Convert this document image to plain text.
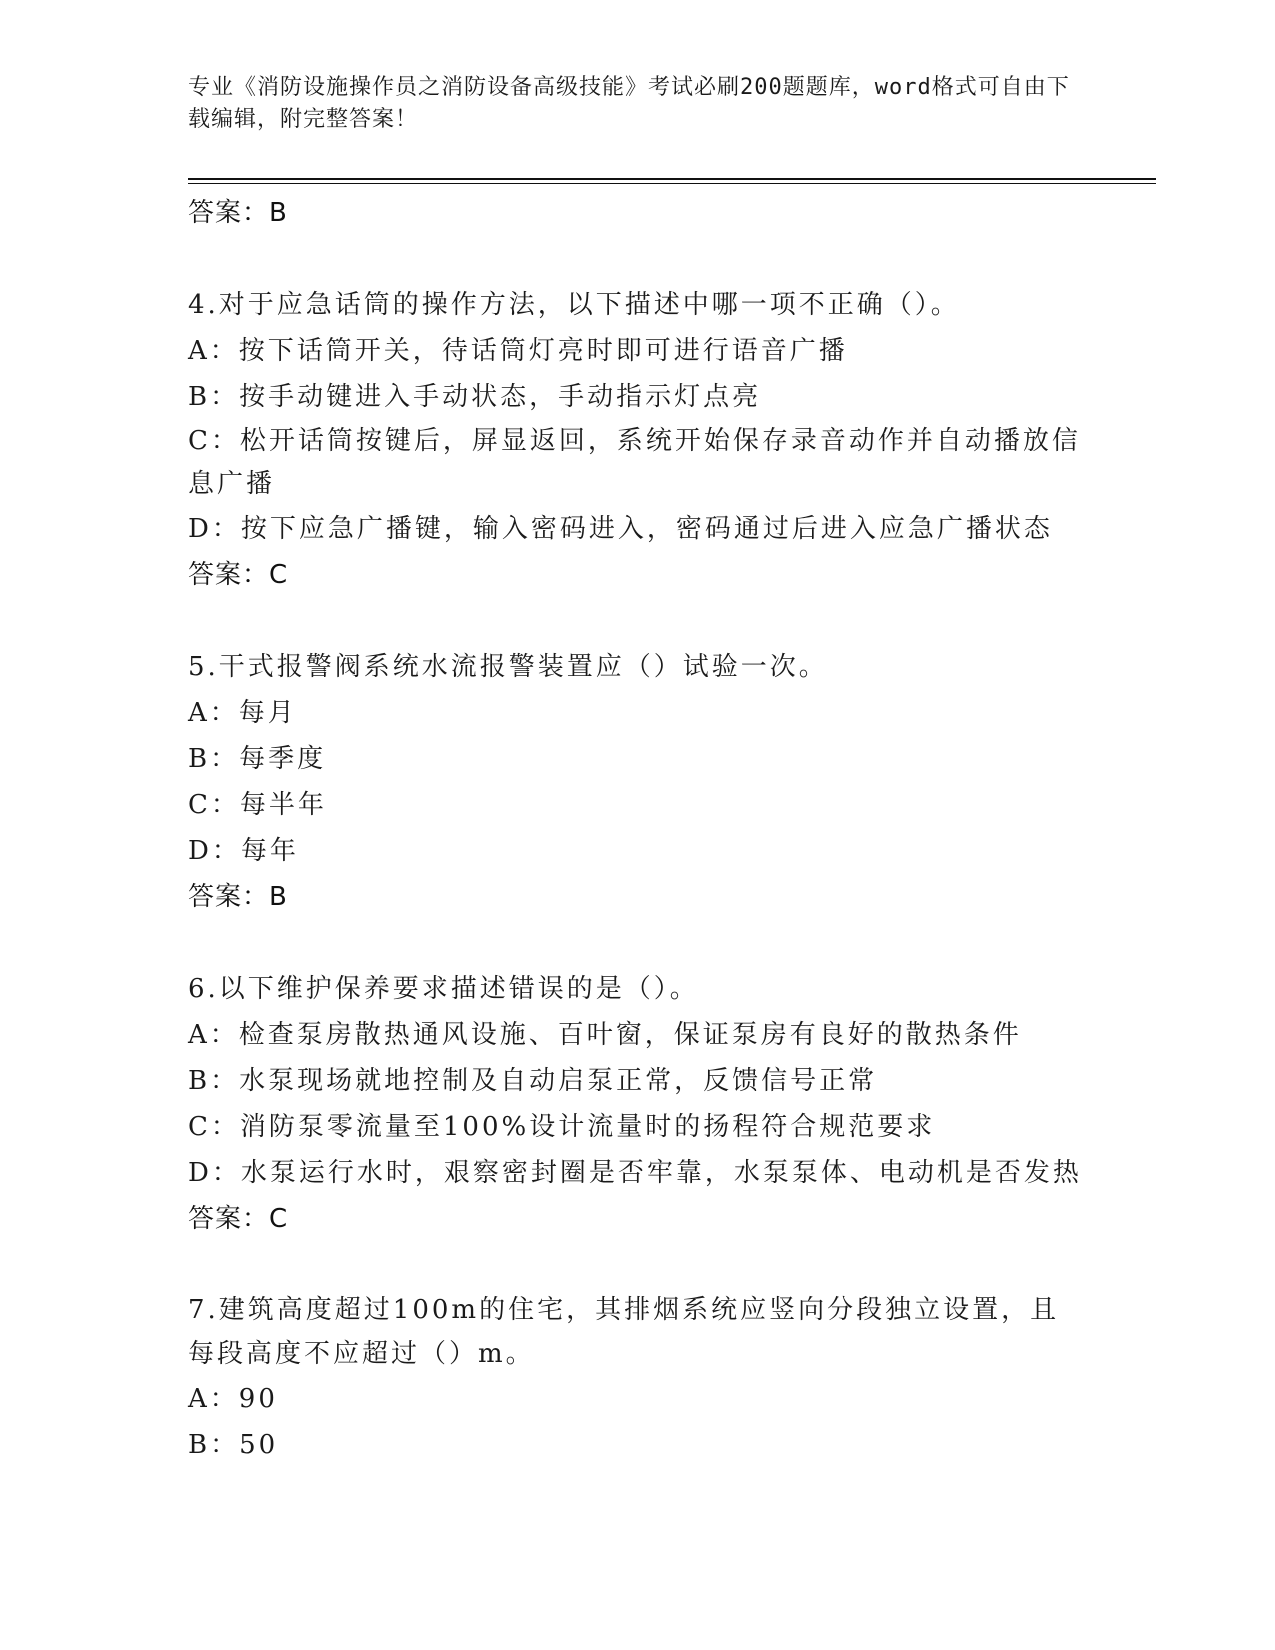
专业《消防设施操作员之消防设备高级技能》考试必刷200题题库，word格式可自由下载编辑，附完整答案！
答案：B
4.对于应急话筒的操作方法，以下描述中哪一项不正确（）。
A：按下话筒开关，待话筒灯亮时即可进行语音广播
B：按手动键进入手动状态，手动指示灯点亮
C：松开话筒按键后，屏显返回，系统开始保存录音动作并自动播放信息广播
D：按下应急广播键，输入密码进入，密码通过后进入应急广播状态
答案：C
5.干式报警阀系统水流报警装置应（）试验一次。
A：每月
B：每季度
C：每半年
D：每年
答案：B
6.以下维护保养要求描述错误的是（）。
A：检查泵房散热通风设施、百叶窗，保证泵房有良好的散热条件
B：水泵现场就地控制及自动启泵正常，反馈信号正常
C：消防泵零流量至100%设计流量时的扬程符合规范要求
D：水泵运行水时，艰察密封圈是否牢靠，水泵泵体、电动机是否发热
答案：C
7.建筑高度超过100m的住宅，其排烟系统应竖向分段独立设置，且每段高度不应超过（）m。
A：90
B：50
